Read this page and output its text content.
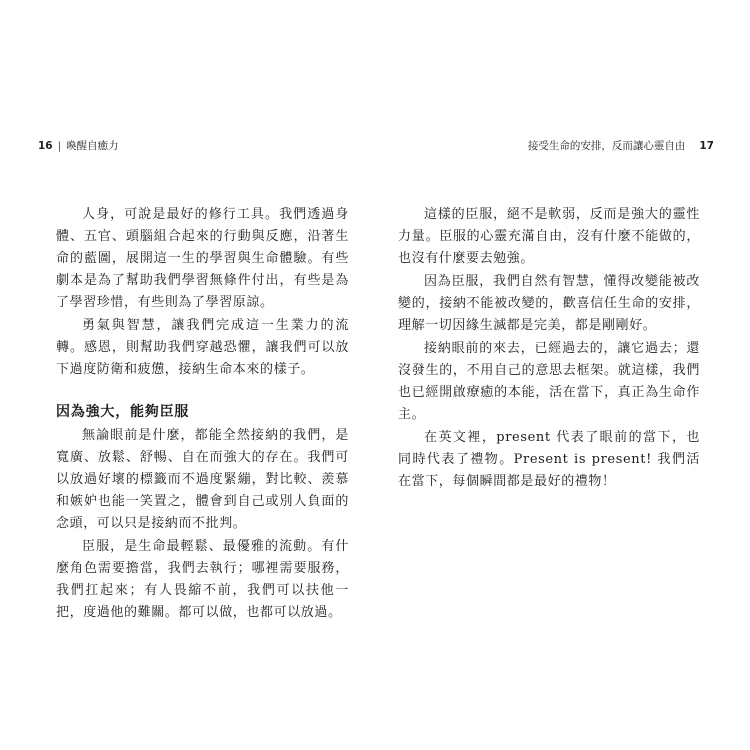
16 | 喚醒自癒力	接受生命的安排，反而讓心靈自由 17

人身，可說是最好的修行工具。我們透過身體、五官、頭腦組合起來的行動與反應，沿著生命的藍圖，展開這一生的學習與生命體驗。有些劇本是為了幫助我們學習無條件付出，有些是為了學習珍惜，有些則為了學習原諒。

勇氣與智慧，讓我們完成這一生業力的流轉。感恩，則幫助我們穿越恐懼，讓我們可以放下過度防衛和疲憊，接納生命本來的樣子。

因為強大，能夠臣服

無論眼前是什麼，都能全然接納的我們，是寬廣、放鬆、舒暢、自在而強大的存在。我們可以放過好壞的標籤而不過度緊繃，對比較、羨慕和嫉妒也能一笑置之，體會到自己或別人負面的念頭，可以只是接納而不批判。

臣服，是生命最輕鬆、最優雅的流動。有什麼角色需要擔當，我們去執行；哪裡需要服務，我們扛起來；有人畏縮不前，我們可以扶他一把，度過他的難關。都可以做，也都可以放過。

這樣的臣服，絕不是軟弱，反而是強大的靈性力量。臣服的心靈充滿自由，沒有什麼不能做的，也沒有什麼要去勉強。

因為臣服，我們自然有智慧，懂得改變能被改變的，接納不能被改變的，歡喜信任生命的安排，理解一切因緣生滅都是完美，都是剛剛好。

接納眼前的來去，已經過去的，讓它過去；還沒發生的，不用自己的意思去框架。就這樣，我們也已經開啟療癒的本能，活在當下，真正為生命作主。

在英文裡，present 代表了眼前的當下，也同時代表了禮物。Present is present! 我們活在當下，每個瞬間都是最好的禮物！
